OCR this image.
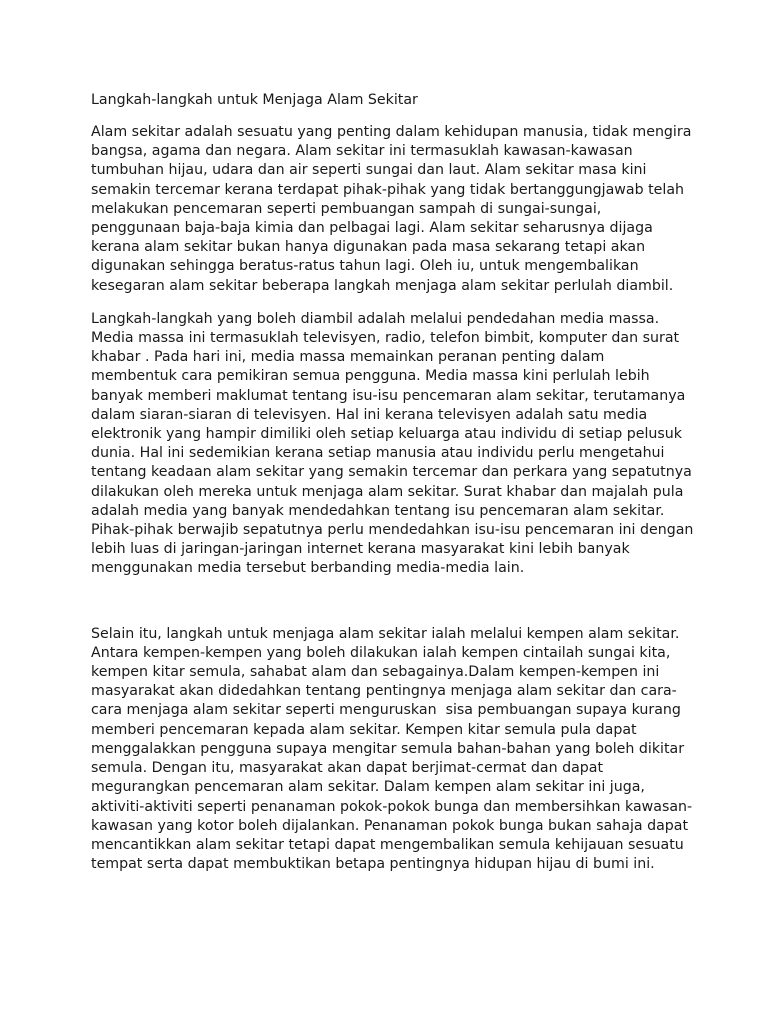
Langkah-langkah untuk Menjaga Alam Sekitar

Alam sekitar adalah sesuatu yang penting dalam kehidupan manusia, tidak mengira
bangsa, agama dan negara. Alam sekitar ini termasuklah kawasan-kawasan
tumbuhan hijau, udara dan air seperti sungai dan laut. Alam sekitar masa kini
semakin tercemar kerana terdapat pihak-pihak yang tidak bertanggungjawab telah
melakukan pencemaran seperti pembuangan sampah di sungai-sungai,
penggunaan baja-baja kimia dan pelbagai lagi. Alam sekitar seharusnya dijaga
kerana alam sekitar bukan hanya digunakan pada masa sekarang tetapi akan
digunakan sehingga beratus-ratus tahun lagi. Oleh iu, untuk mengembalikan
kesegaran alam sekitar beberapa langkah menjaga alam sekitar perlulah diambil.

Langkah-langkah yang boleh diambil adalah melalui pendedahan media massa.
Media massa ini termasuklah televisyen, radio, telefon bimbit, komputer dan surat
khabar . Pada hari ini, media massa memainkan peranan penting dalam
membentuk cara pemikiran semua pengguna. Media massa kini perlulah lebih
banyak memberi maklumat tentang isu-isu pencemaran alam sekitar, terutamanya
dalam siaran-siaran di televisyen. Hal ini kerana televisyen adalah satu media
elektronik yang hampir dimiliki oleh setiap keluarga atau individu di setiap pelusuk
dunia. Hal ini sedemikian kerana setiap manusia atau individu perlu mengetahui
tentang keadaan alam sekitar yang semakin tercemar dan perkara yang sepatutnya
dilakukan oleh mereka untuk menjaga alam sekitar. Surat khabar dan majalah pula
adalah media yang banyak mendedahkan tentang isu pencemaran alam sekitar.
Pihak-pihak berwajib sepatutnya perlu mendedahkan isu-isu pencemaran ini dengan
lebih luas di jaringan-jaringan internet kerana masyarakat kini lebih banyak
menggunakan media tersebut berbanding media-media lain.

Selain itu, langkah untuk menjaga alam sekitar ialah melalui kempen alam sekitar.
Antara kempen-kempen yang boleh dilakukan ialah kempen cintailah sungai kita,
kempen kitar semula, sahabat alam dan sebagainya.Dalam kempen-kempen ini
masyarakat akan didedahkan tentang pentingnya menjaga alam sekitar dan cara-
cara menjaga alam sekitar seperti menguruskan  sisa pembuangan supaya kurang
memberi pencemaran kepada alam sekitar. Kempen kitar semula pula dapat
menggalakkan pengguna supaya mengitar semula bahan-bahan yang boleh dikitar
semula. Dengan itu, masyarakat akan dapat berjimat-cermat dan dapat
megurangkan pencemaran alam sekitar. Dalam kempen alam sekitar ini juga,
aktiviti-aktiviti seperti penanaman pokok-pokok bunga dan membersihkan kawasan-
kawasan yang kotor boleh dijalankan. Penanaman pokok bunga bukan sahaja dapat
mencantikkan alam sekitar tetapi dapat mengembalikan semula kehijauan sesuatu
tempat serta dapat membuktikan betapa pentingnya hidupan hijau di bumi ini.
